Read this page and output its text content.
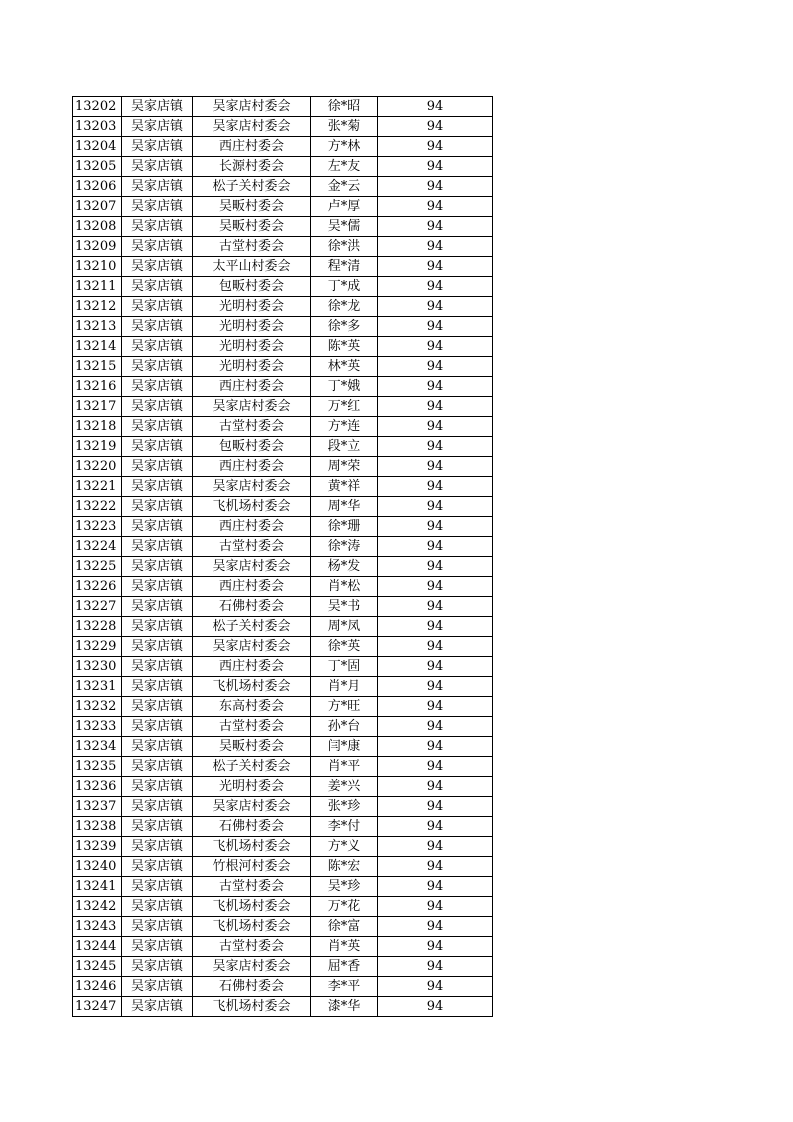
13202	吴家店镇	吴家店村委会	徐*昭	94
13203	吴家店镇	吴家店村委会	张*菊	94
13204	吴家店镇	西庄村委会	方*林	94
13205	吴家店镇	长源村委会	左*友	94
13206	吴家店镇	松子关村委会	金*云	94
13207	吴家店镇	吴畈村委会	卢*厚	94
13208	吴家店镇	吴畈村委会	吴*儒	94
13209	吴家店镇	古堂村委会	徐*洪	94
13210	吴家店镇	太平山村委会	程*清	94
13211	吴家店镇	包畈村委会	丁*成	94
13212	吴家店镇	光明村委会	徐*龙	94
13213	吴家店镇	光明村委会	徐*多	94
13214	吴家店镇	光明村委会	陈*英	94
13215	吴家店镇	光明村委会	林*英	94
13216	吴家店镇	西庄村委会	丁*娥	94
13217	吴家店镇	吴家店村委会	万*红	94
13218	吴家店镇	古堂村委会	方*连	94
13219	吴家店镇	包畈村委会	段*立	94
13220	吴家店镇	西庄村委会	周*荣	94
13221	吴家店镇	吴家店村委会	黄*祥	94
13222	吴家店镇	飞机场村委会	周*华	94
13223	吴家店镇	西庄村委会	徐*珊	94
13224	吴家店镇	古堂村委会	徐*涛	94
13225	吴家店镇	吴家店村委会	杨*发	94
13226	吴家店镇	西庄村委会	肖*松	94
13227	吴家店镇	石佛村委会	吴*书	94
13228	吴家店镇	松子关村委会	周*凤	94
13229	吴家店镇	吴家店村委会	徐*英	94
13230	吴家店镇	西庄村委会	丁*固	94
13231	吴家店镇	飞机场村委会	肖*月	94
13232	吴家店镇	东高村委会	方*旺	94
13233	吴家店镇	古堂村委会	孙*台	94
13234	吴家店镇	吴畈村委会	闫*康	94
13235	吴家店镇	松子关村委会	肖*平	94
13236	吴家店镇	光明村委会	姜*兴	94
13237	吴家店镇	吴家店村委会	张*珍	94
13238	吴家店镇	石佛村委会	李*付	94
13239	吴家店镇	飞机场村委会	方*义	94
13240	吴家店镇	竹根河村委会	陈*宏	94
13241	吴家店镇	古堂村委会	吴*珍	94
13242	吴家店镇	飞机场村委会	万*花	94
13243	吴家店镇	飞机场村委会	徐*富	94
13244	吴家店镇	古堂村委会	肖*英	94
13245	吴家店镇	吴家店村委会	屈*香	94
13246	吴家店镇	石佛村委会	李*平	94
13247	吴家店镇	飞机场村委会	漆*华	94
